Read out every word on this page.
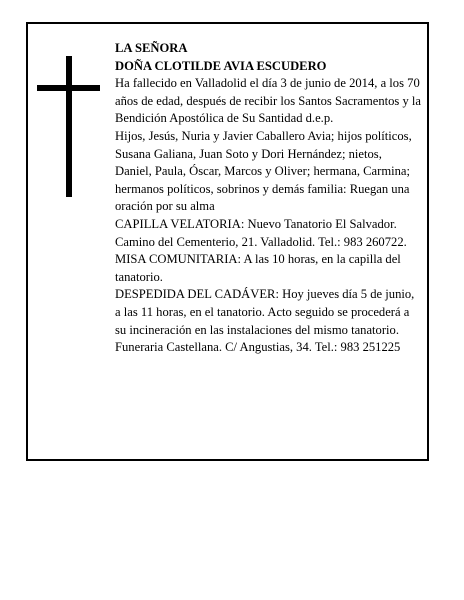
LA SEÑORA

DOÑA CLOTILDE AVIA ESCUDERO

Ha fallecido en Valladolid el día 3 de junio de 2014, a los 70 años de edad, después de recibir los Santos Sacramentos y la Bendición Apostólica de Su Santidad d.e.p.

Hijos, Jesús, Nuria y Javier Caballero Avia; hijos políticos, Susana Galiana, Juan Soto y Dori Hernández; nietos, Daniel, Paula, Óscar, Marcos y Oliver; hermana, Carmina; hermanos políticos, sobrinos y demás familia: Ruegan una oración por su alma

CAPILLA VELATORIA: Nuevo Tanatorio El Salvador. Camino del Cementerio, 21. Valladolid. Tel.: 983 260722.

MISA COMUNITARIA: A las 10 horas, en la capilla del tanatorio.

DESPEDIDA DEL CADÁVER: Hoy jueves día 5 de junio, a las 11 horas, en el tanatorio. Acto seguido se procederá a su incineración en las instalaciones del mismo tanatorio.

Funeraria Castellana. C/ Angustias, 34. Tel.: 983 251225
